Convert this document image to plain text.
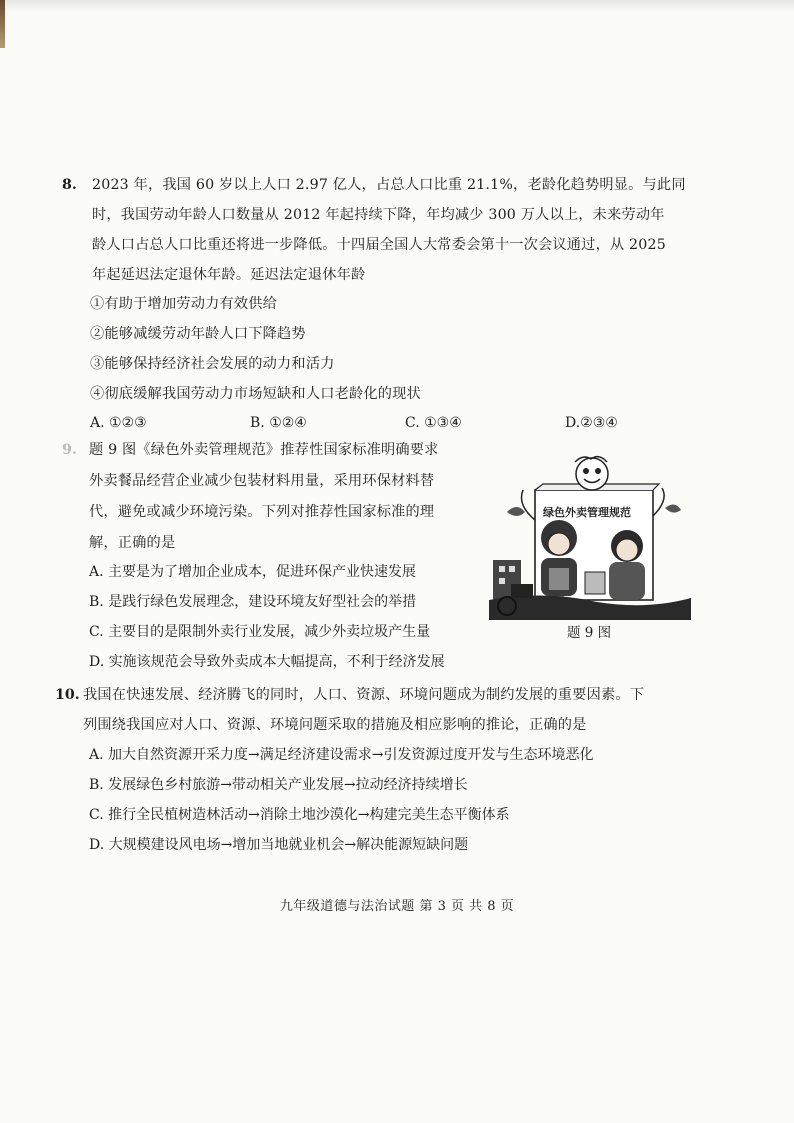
8. 2023 年，我国 60 岁以上人口 2.97 亿人，占总人口比重 21.1%，老龄化趋势明显。与此同
时，我国劳动年龄人口数量从 2012 年起持续下降，年均减少 300 万人以上，未来劳动年
龄人口占总人口比重还将进一步降低。十四届全国人大常委会第十一次会议通过，从 2025
年起延迟法定退休年龄。延迟法定退休年龄
①有助于增加劳动力有效供给
②能够减缓劳动年龄人口下降趋势
③能够保持经济社会发展的动力和活力
④彻底缓解我国劳动力市场短缺和人口老龄化的现状
A. ①②③	B. ①②④	C. ①③④	D.②③④
9. 题 9 图《绿色外卖管理规范》推荐性国家标准明确要求
外卖餐品经营企业减少包装材料用量，采用环保材料替
代，避免或减少环境污染。下列对推荐性国家标准的理
解，正确的是
A. 主要是为了增加企业成本，促进环保产业快速发展
B. 是践行绿色发展理念，建设环境友好型社会的举措
C. 主要目的是限制外卖行业发展，减少外卖垃圾产生量
D. 实施该规范会导致外卖成本大幅提高，不利于经济发展
绿色外卖管理规范
题 9 图
10. 我国在快速发展、经济腾飞的同时，人口、资源、环境问题成为制约发展的重要因素。下
列围绕我国应对人口、资源、环境问题采取的措施及相应影响的推论，正确的是
A. 加大自然资源开采力度→满足经济建设需求→引发资源过度开发与生态环境恶化
B. 发展绿色乡村旅游→带动相关产业发展→拉动经济持续增长
C. 推行全民植树造林活动→消除土地沙漠化→构建完美生态平衡体系
D. 大规模建设风电场→增加当地就业机会→解决能源短缺问题
九年级道德与法治试题 第 3 页 共 8 页
